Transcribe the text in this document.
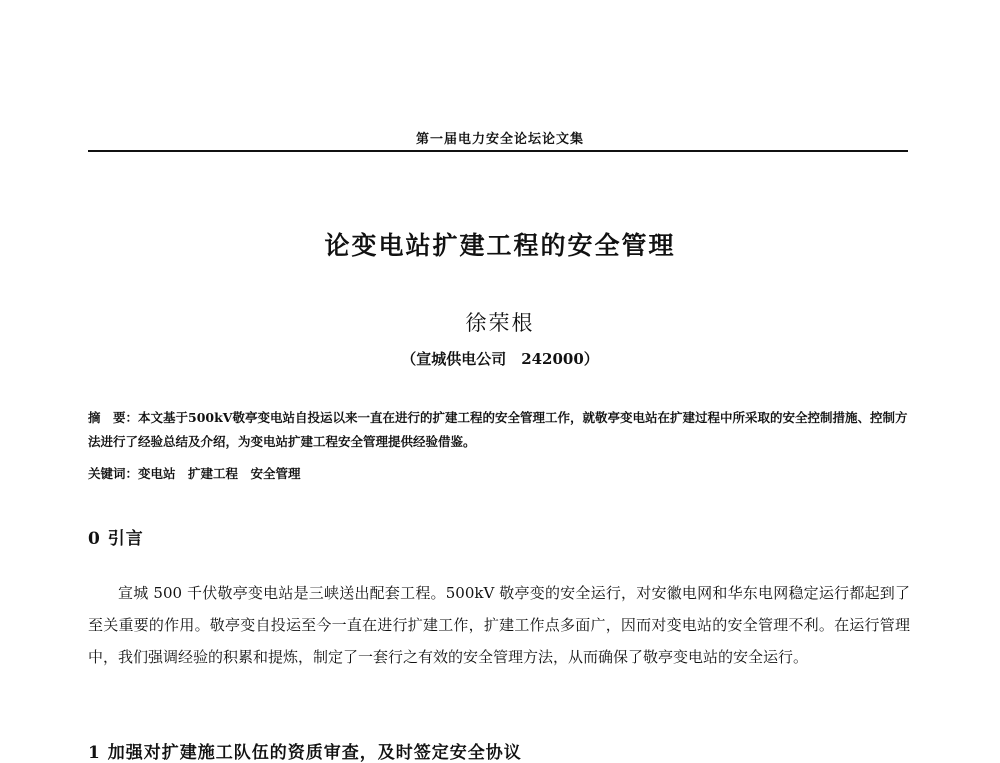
第一届电力安全论坛论文集
论变电站扩建工程的安全管理
徐荣根
（宣城供电公司　242000）
摘　要：本文基于500kV敬亭变电站自投运以来一直在进行的扩建工程的安全管理工作，就敬亭变电站在扩建过程中所采取的安全控制措施、控制方法进行了经验总结及介绍，为变电站扩建工程安全管理提供经验借鉴。
关键词：变电站　扩建工程　安全管理
0 引言
宣城 500 千伏敬亭变电站是三峡送出配套工程。500kV 敬亭变的安全运行，对安徽电网和华东电网稳定运行都起到了至关重要的作用。敬亭变自投运至今一直在进行扩建工作，扩建工作点多面广，因而对变电站的安全管理不利。在运行管理中，我们强调经验的积累和提炼，制定了一套行之有效的安全管理方法，从而确保了敬亭变电站的安全运行。
1 加强对扩建施工队伍的资质审查，及时签定安全协议
